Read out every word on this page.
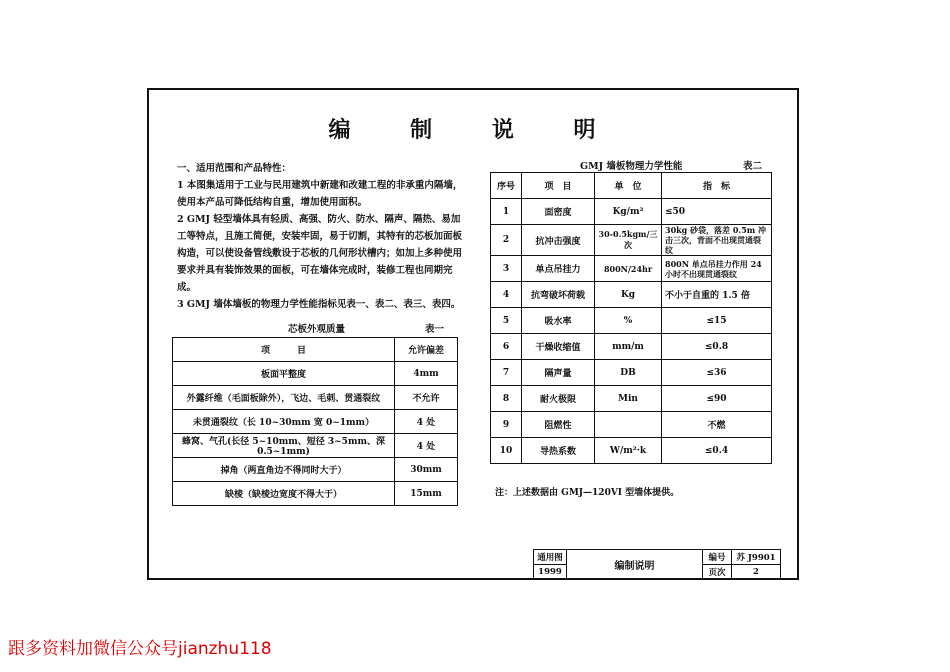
编 制 说 明

一、适用范围和产品特性：

1 本图集适用于工业与民用建筑中新建和改建工程的非承重内隔墙，使用本产品可降低结构自重，增加使用面积。

2 GMJ 轻型墙体具有轻质、高强、防火、防水、隔声、隔热、易加工等特点，且施工简便，安装牢固，易于切割，其特有的芯板加面板构造，可以使设备管线敷设于芯板的几何形状槽内；如加上多种使用要求并具有装饰效果的面板，可在墙体完成时，装修工程也同期完成。

3 GMJ 墙体墙板的物理力学性能指标见表一、表二、表三、表四。

芯板外观质量	表一
项　　　目	允许偏差
板面平整度	4mm
外露纤维（毛面板除外），飞边、毛刺、贯通裂纹	不允许
未贯通裂纹（长 10~30mm 宽 0~1mm）	4 处
蜂窝、气孔(长径 5~10mm、短径 3~5mm、深 0.5~1mm)	4 处
掉角（两直角边不得同时大于）	30mm
缺棱（缺棱边宽度不得大于）	15mm
GMJ 墙板物理力学性能	表二
序号	项　目	单　位	指　标
1	面密度	Kg/m²	≤50
2	抗冲击强度	30-0.5kgm/三次	30kg 砂袋，落差 0.5m 冲击三次，背面不出现贯通裂纹
3	单点吊挂力	800N/24hr	800N 单点吊挂力作用 24 小时不出现贯通裂纹
4	抗弯破坏荷载	Kg	不小于自重的 1.5 倍
5	吸水率	%	≤15
6	干燥收缩值	mm/m	≤0.8
7	隔声量	DB	≤36
8	耐火极限	Min	≤90
9	阻燃性		不燃
10	导热系数	W/m²·k	≤0.4
注：上述数据由 GMJ—120VI 型墙体提供。
通用图	编制说明	编号	苏 J9901
1999		页次	2
跟多资料加微信公众号jianzhu118
